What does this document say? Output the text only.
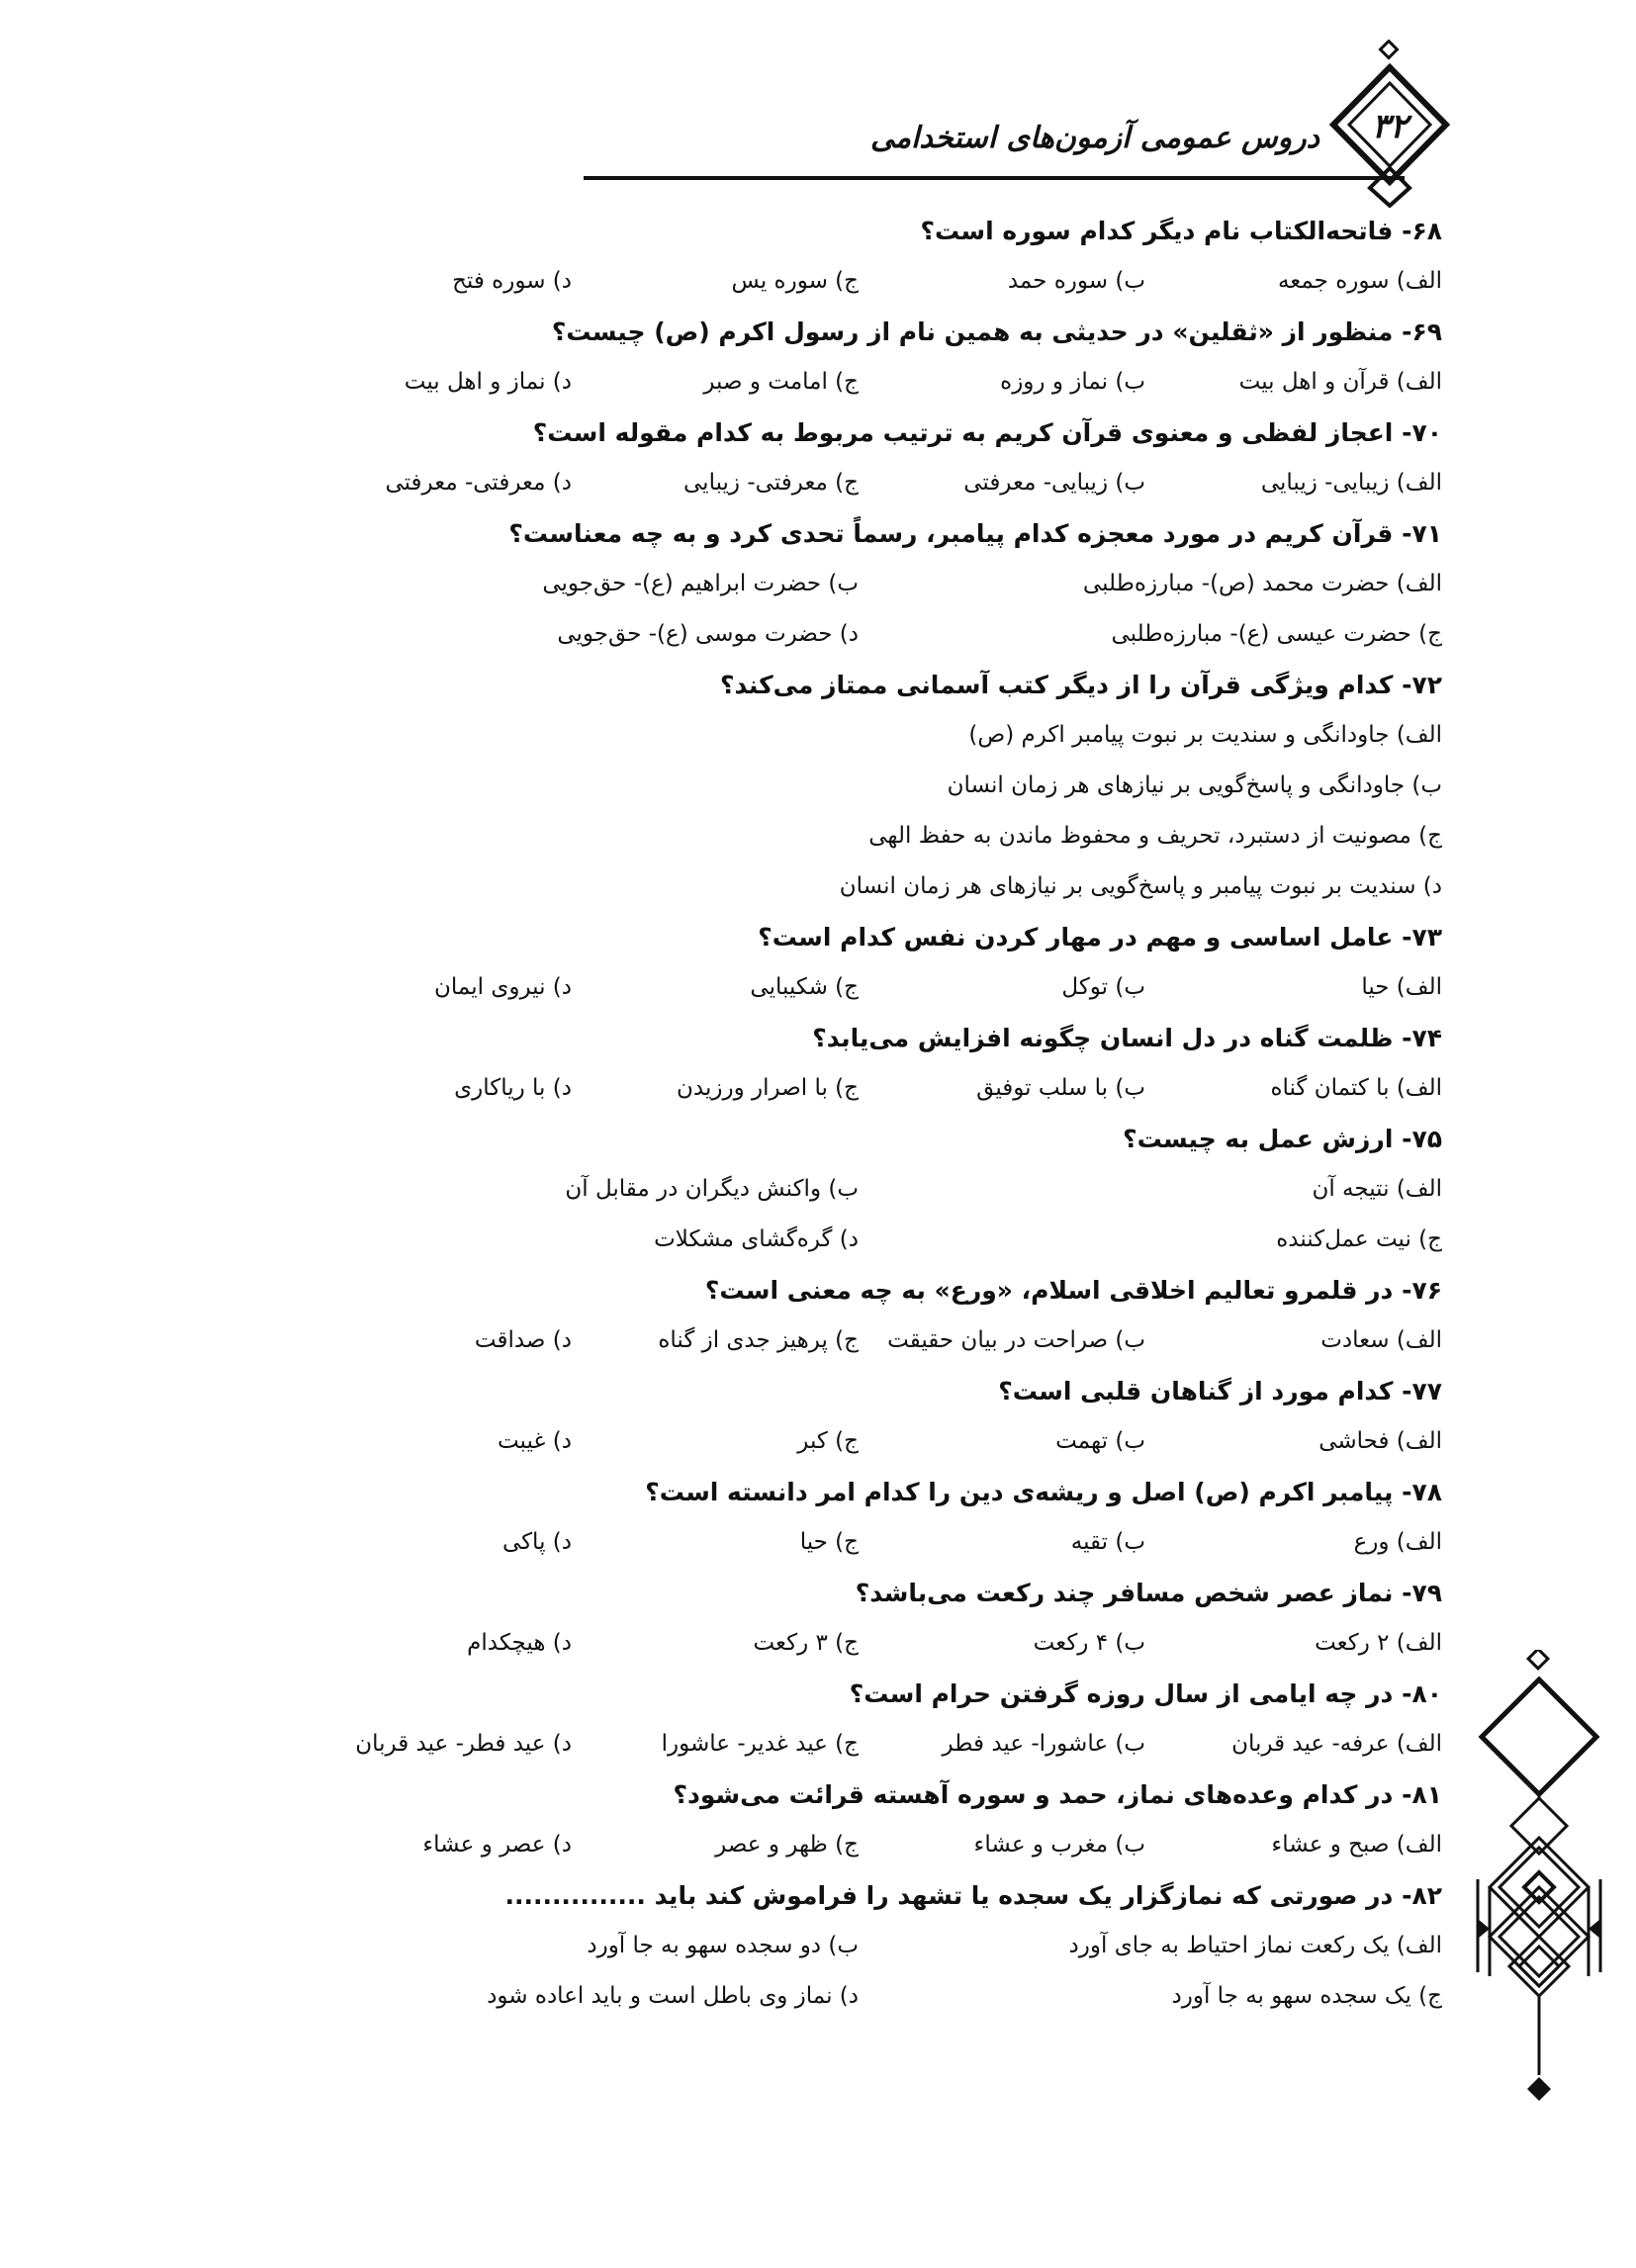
دروس عمومی آزمون‌های استخدامی	۳۲
۶۸- فاتحه‌الکتاب نام دیگر کدام سوره است؟
الف) سوره جمعه
ب) سوره حمد
ج) سوره یس
د) سوره فتح
۶۹- منظور از «ثقلین» در حدیثی به همین نام از رسول اکرم (ص) چیست؟
الف) قرآن و اهل بیت
ب) نماز و روزه
ج) امامت و صبر
د) نماز و اهل بیت
۷۰- اعجاز لفظی و معنوی قرآن کریم به ترتیب مربوط به کدام مقوله است؟
الف) زیبایی- زیبایی
ب) زیبایی- معرفتی
ج) معرفتی- زیبایی
د) معرفتی- معرفتی
۷۱- قرآن کریم در مورد معجزه کدام پیامبر، رسماً تحدی کرد و به چه معناست؟
الف) حضرت محمد (ص)- مبارزه‌طلبی
ب) حضرت ابراهیم (ع)- حق‌جویی
ج) حضرت عیسی (ع)- مبارزه‌طلبی
د) حضرت موسی (ع)- حق‌جویی
۷۲- کدام ویژگی قرآن را از دیگر کتب آسمانی ممتاز می‌کند؟
الف) جاودانگی و سندیت بر نبوت پیامبر اکرم (ص)
ب) جاودانگی و پاسخ‌گویی بر نیازهای هر زمان انسان
ج) مصونیت از دستبرد، تحریف و محفوظ ماندن به حفظ الهی
د) سندیت بر نبوت پیامبر و پاسخ‌گویی بر نیازهای هر زمان انسان
۷۳- عامل اساسی و مهم در مهار کردن نفس کدام است؟
الف) حیا
ب) توکل
ج) شکیبایی
د) نیروی ایمان
۷۴- ظلمت گناه در دل انسان چگونه افزایش می‌یابد؟
الف) با کتمان گناه
ب) با سلب توفیق
ج) با اصرار ورزیدن
د) با ریاکاری
۷۵- ارزش عمل به چیست؟
الف) نتیجه آن
ب) واکنش دیگران در مقابل آن
ج) نیت عمل‌کننده
د) گره‌گشای مشکلات
۷۶- در قلمرو تعالیم اخلاقی اسلام، «ورع» به چه معنی است؟
الف) سعادت
ب) صراحت در بیان حقیقت
ج) پرهیز جدی از گناه
د) صداقت
۷۷- کدام مورد از گناهان قلبی است؟
الف) فحاشی
ب) تهمت
ج) کبر
د) غیبت
۷۸- پیامبر اکرم (ص) اصل و ریشه‌ی دین را کدام امر دانسته است؟
الف) ورع
ب) تقیه
ج) حیا
د) پاکی
۷۹- نماز عصر شخص مسافر چند رکعت می‌باشد؟
الف) ۲ رکعت
ب) ۴ رکعت
ج) ۳ رکعت
د) هیچکدام
۸۰- در چه ایامی از سال روزه گرفتن حرام است؟
الف) عرفه- عید قربان
ب) عاشورا- عید فطر
ج) عید غدیر- عاشورا
د) عید فطر- عید قربان
۸۱- در کدام وعده‌های نماز، حمد و سوره آهسته قرائت می‌شود؟
الف) صبح و عشاء
ب) مغرب و عشاء
ج) ظهر و عصر
د) عصر و عشاء
۸۲- در صورتی که نمازگزار یک سجده یا تشهد را فراموش کند باید ...............
الف) یک رکعت نماز احتیاط به جای آورد
ب) دو سجده سهو به جا آورد
ج) یک سجده سهو به جا آورد
د) نماز وی باطل است و باید اعاده شود
